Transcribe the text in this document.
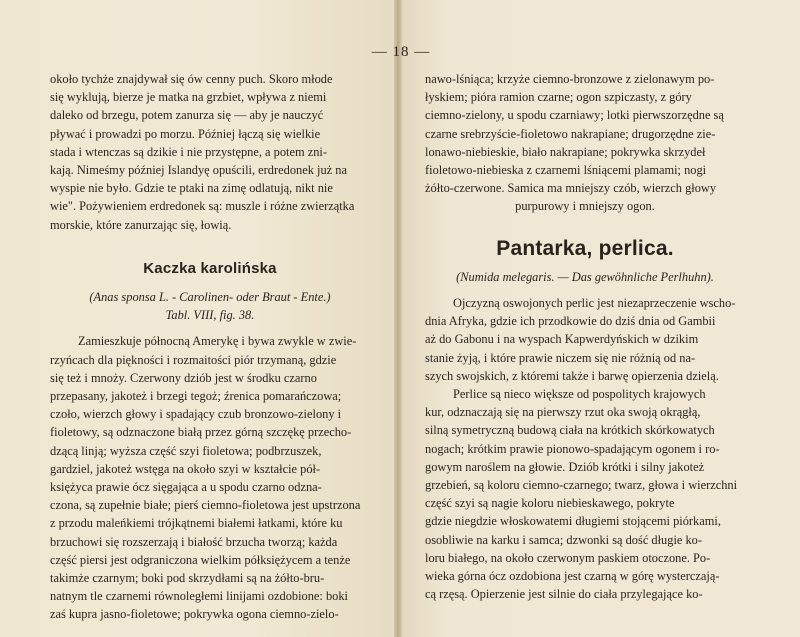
— 18 —

około tychże znajdywał się ów cenny puch. Skoro młode

się wyklują, bierze je matka na grzbiet, wpływa z niemi

daleko od brzegu, potem zanurza się — aby je nauczyć

pływać i prowadzi po morzu. Później łączą się wielkie

stada i wtenczas są dzikie i nie przystępne, a potem zni-

kają. Nimeśmy później Islandyę opuścili, erdredonek już na

wyspie nie było. Gdzie te ptaki na zimę odlatują, nikt nie

wie". Pożywieniem erdredonek są: muszle i różne zwierzątka

morskie, które zanurzając się, łowią.

Kaczka karolińska

(Anas sponsa L. - Carolinen- oder Braut - Ente.)

Tabl. VIII, fig. 38.

Zamieszkuje północną Amerykę i bywa zwykle w zwie-

rzyńcach dla piękności i rozmaitości piór trzymaną, gdzie

się też i mnoży. Czerwony dziób jest w środku czarno

przepasany, jakoteż i brzegi tegoż; źrenica pomarańczowa;

czoło, wierzch głowy i spadający czub bronzowo-zielony i

fioletowy, są odznaczone białą przez górną szczękę przecho-

dzącą linją; wyższa część szyi fioletowa; podbrzuszek,

gardziel, jakoteż wstęga na około szyi w kształcie pół-

księżyca prawie ócz sięgająca a u spodu czarno odzna-

czona, są zupełnie białe; pierś ciemno-fioletowa jest upstrzona

z przodu maleńkiemi trójkątnemi białemi łatkami, które ku

brzuchowi się rozszerzają i białość brzucha tworzą; każda

część piersi jest odgraniczona wielkim półksiężycem a tenże

takimże czarnym; boki pod skrzydłami są na żółto-bru-

natnym tle czarnemi równoległemi linijami ozdobione: boki

zaś kupra jasno-fioletowe; pokrywka ogona ciemno-zielo-

nawo-lśniąca; krzyże ciemno-bronzowe z zielonawym po-

łyskiem; pióra ramion czarne; ogon szpiczasty, z góry

ciemno-zielony, u spodu czarniawy; lotki pierwszorzędne są

czarne srebrzyście-fioletowo nakrapiane; drugorzędne zie-

lonawo-niebieskie, biało nakrapiane; pokrywka skrzydeł

fioletowo-niebieska z czarnemi lśniącemi plamami; nogi

żółto-czerwone. Samica ma mniejszy czób, wierzch głowy

purpurowy i mniejszy ogon.

Pantarka, perlica.

(Numida melegaris. — Das gewöhnliche Perlhuhn).

Ojczyzną oswojonych perlic jest niezaprzeczenie wscho-

dnia Afryka, gdzie ich przodkowie do dziś dnia od Gambii

aż do Gabonu i na wyspach Kapwerdyńskich w dzikim

stanie żyją, i które prawie niczem się nie różnią od na-

szych swojskich, z któremi także i barwę opierzenia dzielą.

Perlice są nieco większe od pospolitych krajowych

kur, odznaczają się na pierwszy rzut oka swoją okrągłą,

silną symetryczną budową ciała na krótkich skórkowatych

nogach; krótkim prawie pionowo-spadającym ogonem i ro-

gowym naroślem na głowie. Dziób krótki i silny jakoteż

grzebień, są koloru ciemno-czarnego; twarz, głowa i wierzchni

część szyi są nagie koloru niebieskawego, pokryte

gdzie niegdzie włoskowatemi długiemi stojącemi piórkami,

osobliwie na karku i samca; dzwonki są dość długie ko-

loru białego, na około czerwonym paskiem otoczone. Po-

wieka górna ócz ozdobiona jest czarną w górę wysterczają-

cą rzęsą. Opierzenie jest silnie do ciała przylegające ko-
